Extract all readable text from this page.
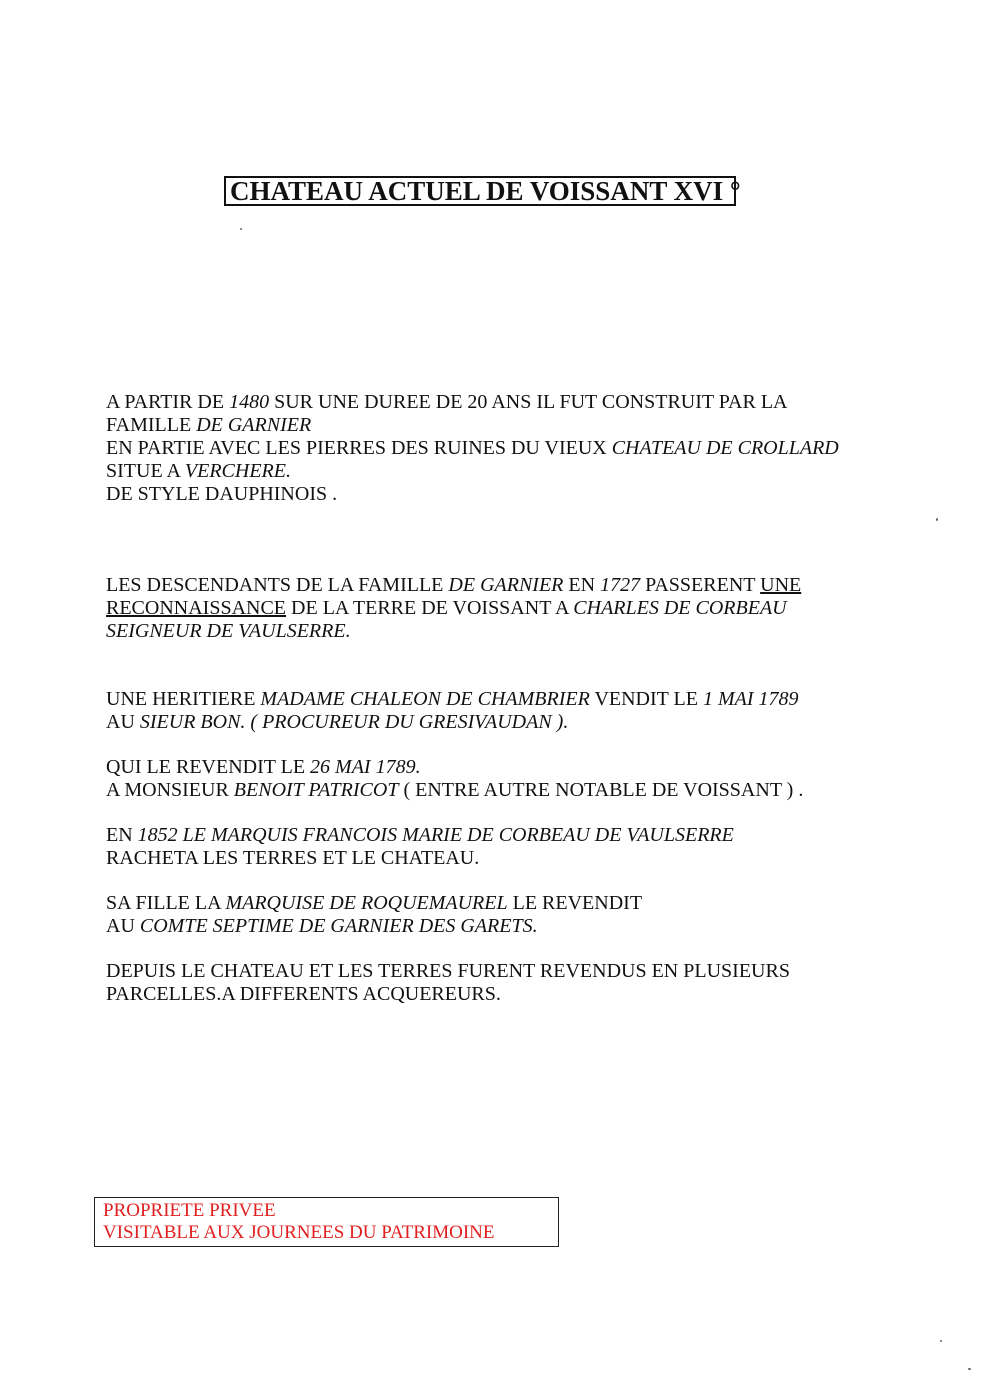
CHATEAU ACTUEL DE VOISSANT XVI °
A PARTIR DE 1480 SUR UNE DUREE DE 20 ANS IL FUT CONSTRUIT PAR LA
FAMILLE DE GARNIER
EN PARTIE AVEC LES PIERRES DES RUINES DU VIEUX CHATEAU DE CROLLARD
SITUE A VERCHERE.
DE STYLE DAUPHINOIS .
LES DESCENDANTS DE LA FAMILLE DE GARNIER EN 1727 PASSERENT UNE
RECONNAISSANCE DE LA TERRE DE VOISSANT A CHARLES DE CORBEAU
SEIGNEUR DE VAULSERRE.
UNE HERITIERE MADAME CHALEON DE CHAMBRIER VENDIT LE 1 MAI 1789
AU SIEUR BON. ( PROCUREUR DU GRESIVAUDAN ).
QUI LE REVENDIT LE 26 MAI 1789.
A MONSIEUR BENOIT PATRICOT ( ENTRE AUTRE NOTABLE DE VOISSANT ) .
EN 1852 LE MARQUIS FRANCOIS MARIE DE CORBEAU DE VAULSERRE
RACHETA LES TERRES ET LE CHATEAU.
SA FILLE LA MARQUISE DE ROQUEMAUREL LE REVENDIT
AU COMTE SEPTIME DE GARNIER DES GARETS.
DEPUIS LE CHATEAU ET LES TERRES FURENT REVENDUS EN PLUSIEURS
PARCELLES.A DIFFERENTS ACQUEREURS.
PROPRIETE PRIVEE
VISITABLE AUX JOURNEES DU PATRIMOINE
